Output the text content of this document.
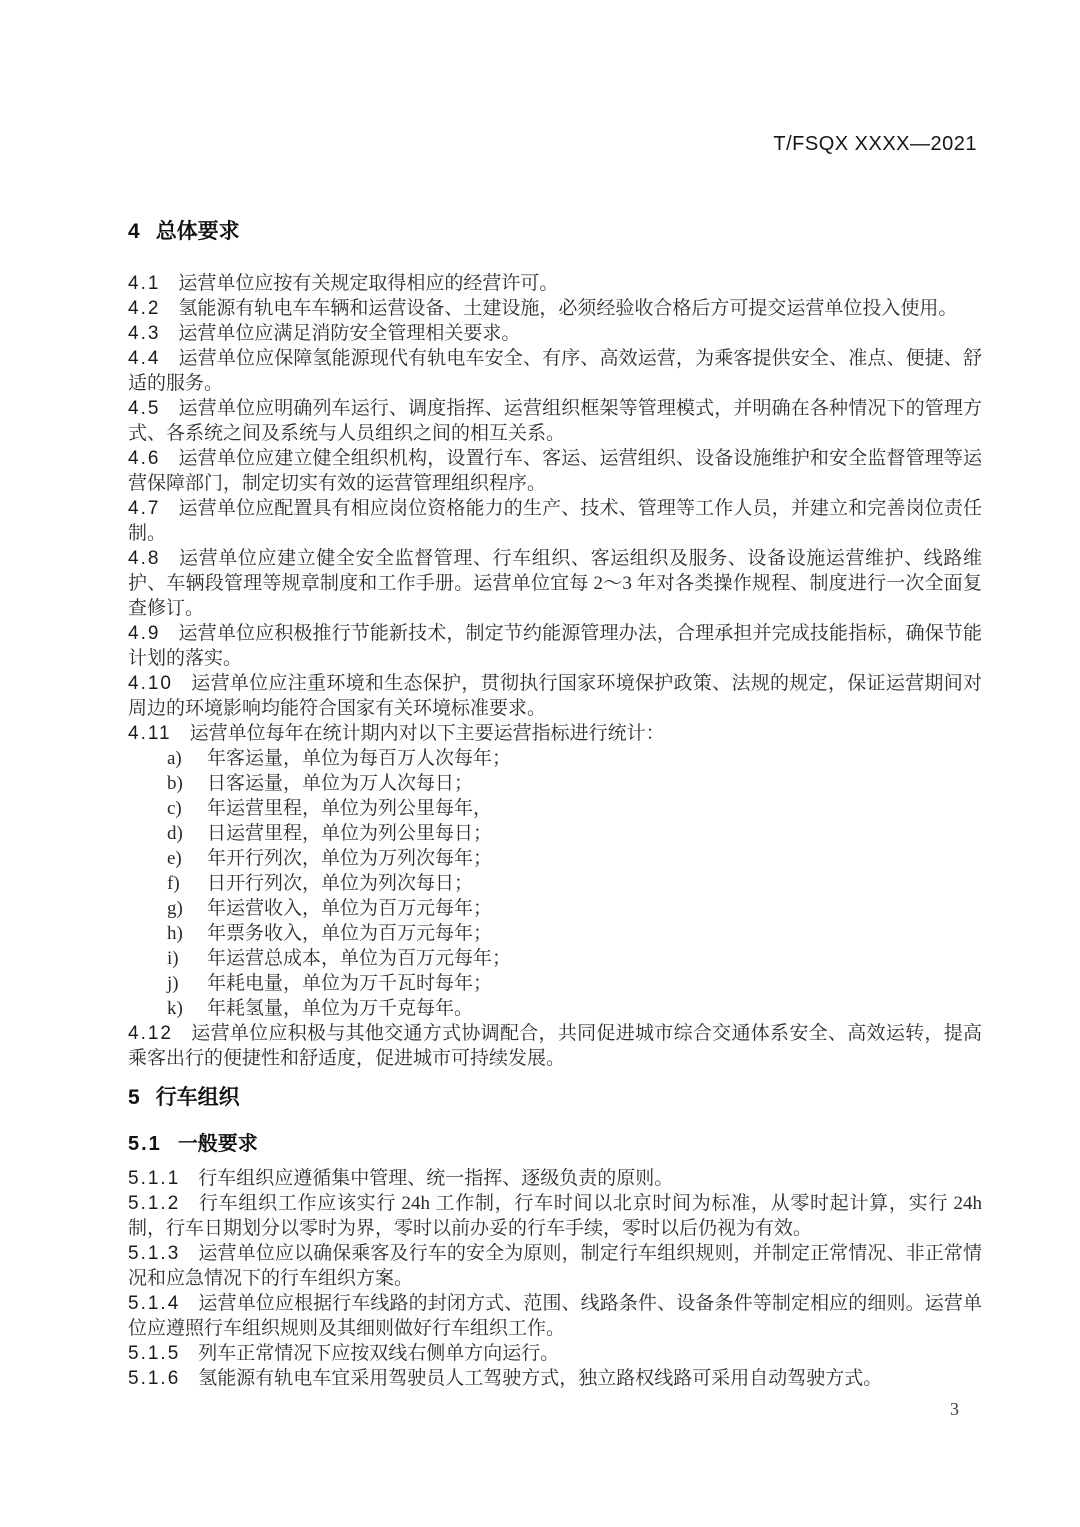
T/FSQX XXXX—2021
4 总体要求

4.1 运营单位应按有关规定取得相应的经营许可。

4.2 氢能源有轨电车车辆和运营设备、土建设施，必须经验收合格后方可提交运营单位投入使用。

4.3 运营单位应满足消防安全管理相关要求。

4.4 运营单位应保障氢能源现代有轨电车安全、有序、高效运营，为乘客提供安全、准点、便捷、舒适的服务。

4.5 运营单位应明确列车运行、调度指挥、运营组织框架等管理模式，并明确在各种情况下的管理方式、各系统之间及系统与人员组织之间的相互关系。

4.6 运营单位应建立健全组织机构，设置行车、客运、运营组织、设备设施维护和安全监督管理等运营保障部门，制定切实有效的运营管理组织程序。

4.7 运营单位应配置具有相应岗位资格能力的生产、技术、管理等工作人员，并建立和完善岗位责任制。

4.8 运营单位应建立健全安全监督管理、行车组织、客运组织及服务、设备设施运营维护、线路维护、车辆段管理等规章制度和工作手册。运营单位宜每 2～3 年对各类操作规程、制度进行一次全面复查修订。

4.9 运营单位应积极推行节能新技术，制定节约能源管理办法，合理承担并完成技能指标，确保节能计划的落实。

4.10 运营单位应注重环境和生态保护，贯彻执行国家环境保护政策、法规的规定，保证运营期间对周边的环境影响均能符合国家有关环境标准要求。

4.11 运营单位每年在统计期内对以下主要运营指标进行统计：

a) 年客运量，单位为每百万人次每年；

b) 日客运量，单位为万人次每日；

c) 年运营里程，单位为列公里每年，

d) 日运营里程，单位为列公里每日；

e) 年开行列次，单位为万列次每年；

f) 日开行列次，单位为列次每日；

g) 年运营收入，单位为百万元每年；

h) 年票务收入，单位为百万元每年；

i) 年运营总成本，单位为百万元每年；

j) 年耗电量，单位为万千瓦时每年；

k) 年耗氢量，单位为万千克每年。

4.12 运营单位应积极与其他交通方式协调配合，共同促进城市综合交通体系安全、高效运转，提高乘客出行的便捷性和舒适度，促进城市可持续发展。

5 行车组织
5.1 一般要求

5.1.1 行车组织应遵循集中管理、统一指挥、逐级负责的原则。

5.1.2 行车组织工作应该实行 24h 工作制，行车时间以北京时间为标准，从零时起计算，实行 24h 制，行车日期划分以零时为界，零时以前办妥的行车手续，零时以后仍视为有效。

5.1.3 运营单位应以确保乘客及行车的安全为原则，制定行车组织规则，并制定正常情况、非正常情况和应急情况下的行车组织方案。

5.1.4 运营单位应根据行车线路的封闭方式、范围、线路条件、设备条件等制定相应的细则。运营单位应遵照行车组织规则及其细则做好行车组织工作。

5.1.5 列车正常情况下应按双线右侧单方向运行。

5.1.6 氢能源有轨电车宜采用驾驶员人工驾驶方式，独立路权线路可采用自动驾驶方式。

3
